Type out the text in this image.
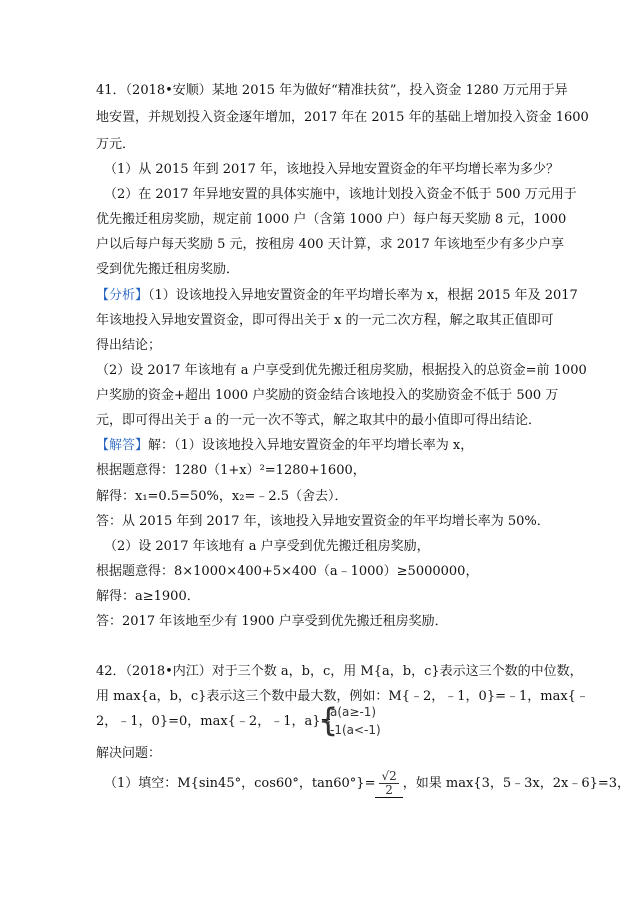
41．（2018•安顺）某地 2015 年为做好“精准扶贫”，投入资金 1280 万元用于异
地安置，并规划投入资金逐年增加，2017 年在 2015 年的基础上增加投入资金 1600
万元．
（1）从 2015 年到 2017 年，该地投入异地安置资金的年平均增长率为多少？
（2）在 2017 年异地安置的具体实施中，该地计划投入资金不低于 500 万元用于
优先搬迁租房奖励，规定前 1000 户（含第 1000 户）每户每天奖励 8 元，1000
户以后每户每天奖励 5 元，按租房 400 天计算，求 2017 年该地至少有多少户享
受到优先搬迁租房奖励．
【分析】（1）设该地投入异地安置资金的年平均增长率为 x，根据 2015 年及 2017
年该地投入异地安置资金，即可得出关于 x 的一元二次方程，解之取其正值即可
得出结论；
（2）设 2017 年该地有 a 户享受到优先搬迁租房奖励，根据投入的总资金=前 1000
户奖励的资金+超出 1000 户奖励的资金结合该地投入的奖励资金不低于 500 万
元，即可得出关于 a 的一元一次不等式，解之取其中的最小值即可得出结论．
【解答】解：（1）设该地投入异地安置资金的年平均增长率为 x，
根据题意得：1280（1+x）²=1280+1600，
解得：x₁=0.5=50%，x₂=﹣2.5（舍去）．
答：从 2015 年到 2017 年，该地投入异地安置资金的年平均增长率为 50%．
（2）设 2017 年该地有 a 户享受到优先搬迁租房奖励，
根据题意得：8×1000×400+5×400（a﹣1000）≥5000000，
解得：a≥1900．
答：2017 年该地至少有 1900 户享受到优先搬迁租房奖励．
42．（2018•内江）对于三个数 a，b，c，用 M{a，b，c}表示这三个数的中位数，
用 max{a，b，c}表示这三个数中最大数，例如：M{﹣2，﹣1，0}=﹣1，max{﹣
2，﹣1，0}=0，max{﹣2，﹣1，a}=
{
a(a≥-1)
-1(a<-1)
解决问题：
（1）填空：M{sin45°，cos60°，$\tan 60^\circ\}= \frac{√2}{2}$ ，如果 max{3，5﹣3x，2x﹣6}=3，
